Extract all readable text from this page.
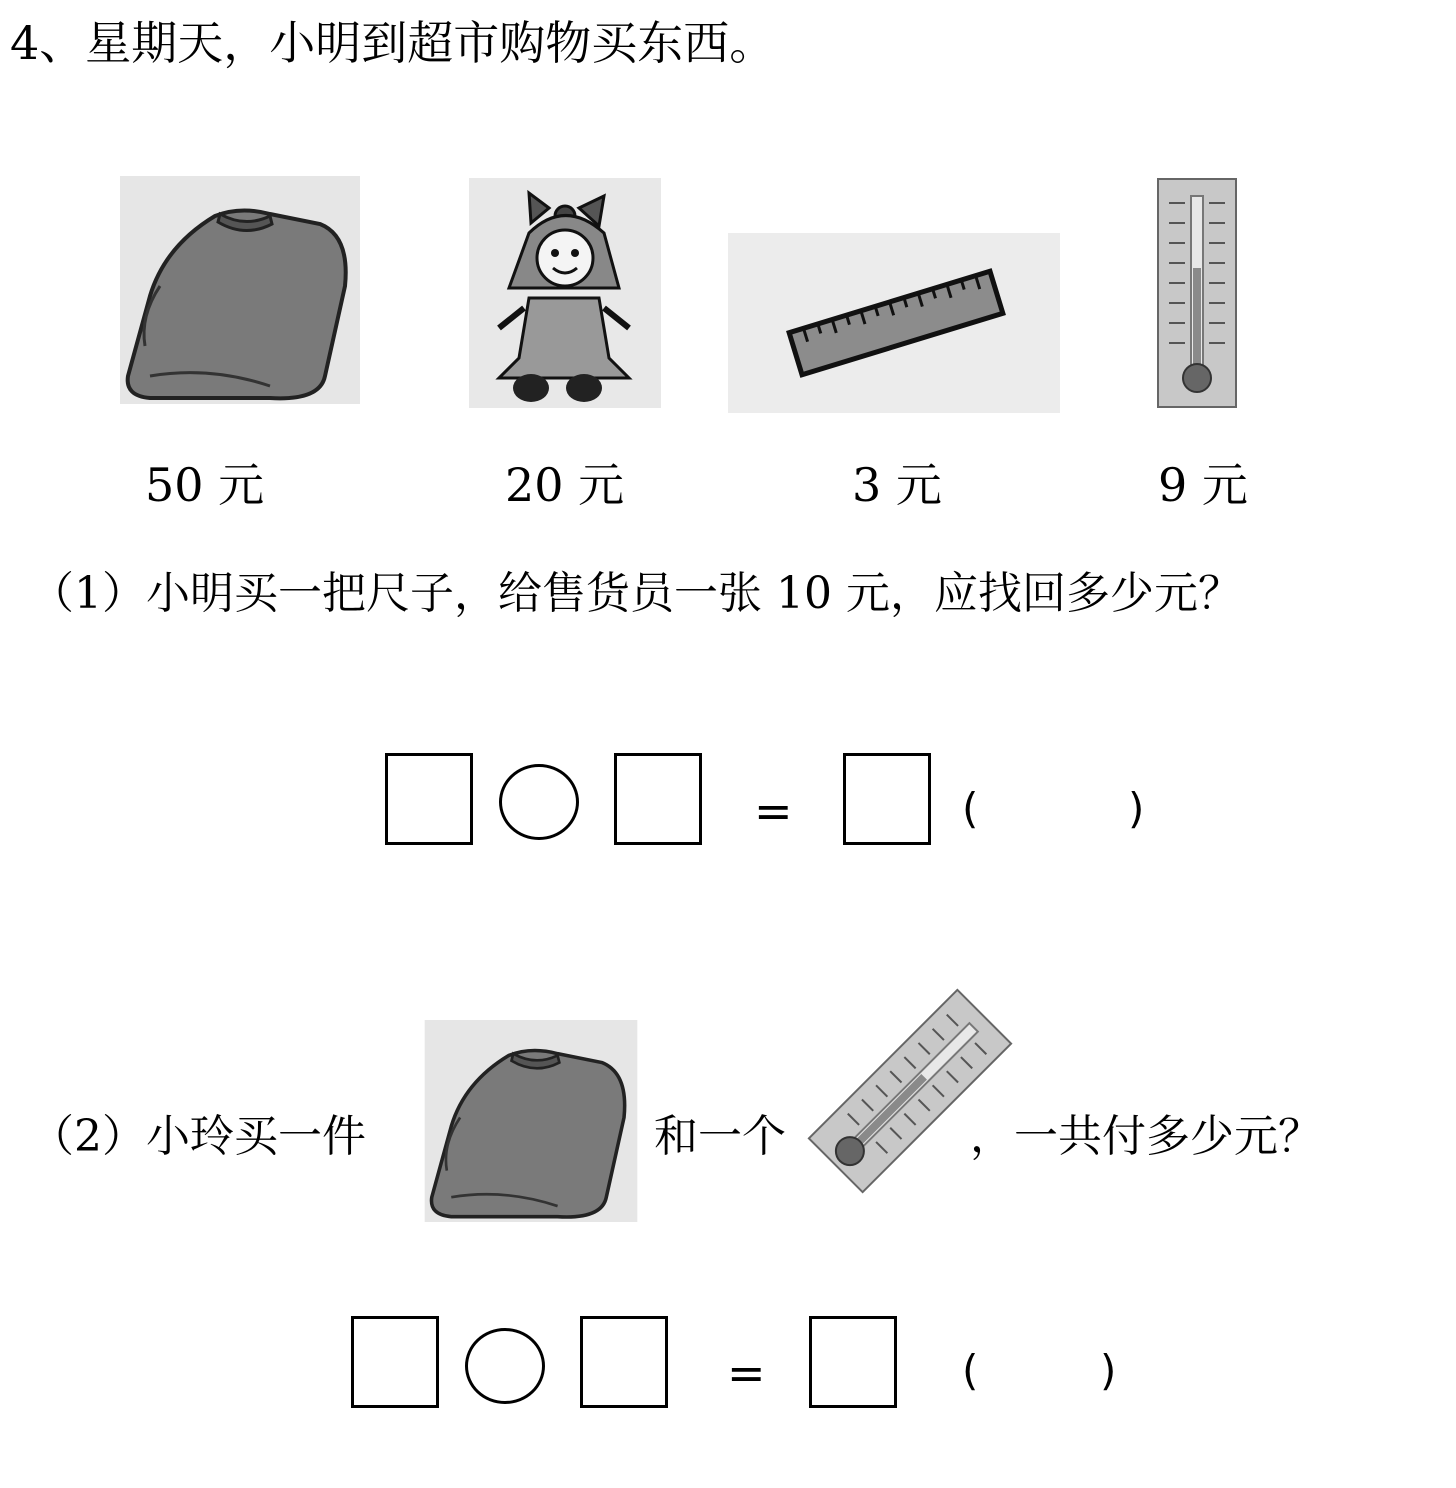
4、星期天，小明到超市购物买东西。
50 元	20 元	3 元	9 元
（1）小明买一把尺子，给售货员一张 10 元，应找回多少元？
=	(	)
（2）小玲买一件	和一个	，一共付多少元？
=	(	)
